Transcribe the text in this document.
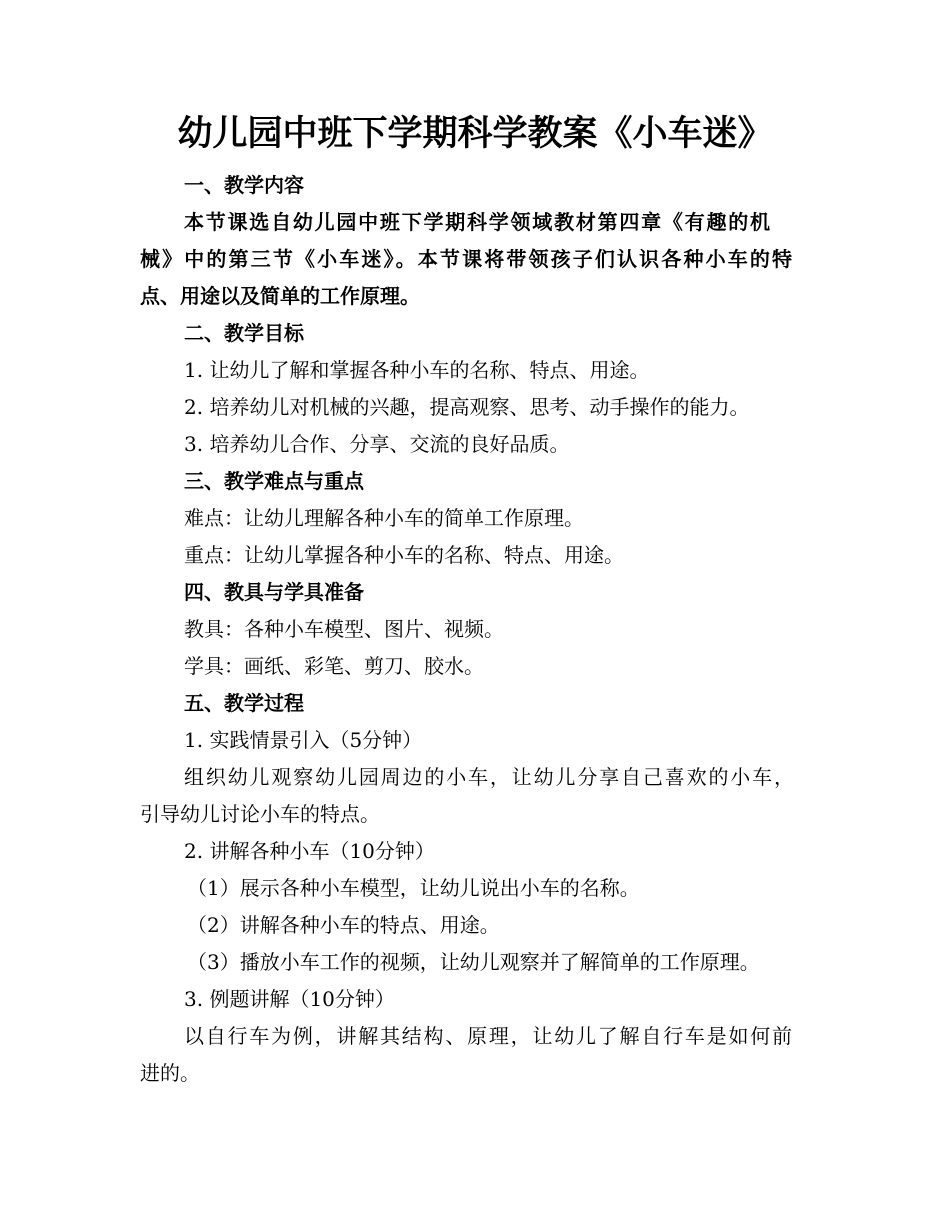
幼儿园中班下学期科学教案《小车迷》
一、教学内容
本节课选自幼儿园中班下学期科学领域教材第四章《有趣的机
械》中的第三节《小车迷》。本节课将带领孩子们认识各种小车的特
点、用途以及简单的工作原理。
二、教学目标
1. 让幼儿了解和掌握各种小车的名称、特点、用途。
2. 培养幼儿对机械的兴趣，提高观察、思考、动手操作的能力。
3. 培养幼儿合作、分享、交流的良好品质。
三、教学难点与重点
难点：让幼儿理解各种小车的简单工作原理。
重点：让幼儿掌握各种小车的名称、特点、用途。
四、教具与学具准备
教具：各种小车模型、图片、视频。
学具：画纸、彩笔、剪刀、胶水。
五、教学过程
1. 实践情景引入（5分钟）
组织幼儿观察幼儿园周边的小车，让幼儿分享自己喜欢的小车，
引导幼儿讨论小车的特点。
2. 讲解各种小车（10分钟）
（1）展示各种小车模型，让幼儿说出小车的名称。
（2）讲解各种小车的特点、用途。
（3）播放小车工作的视频，让幼儿观察并了解简单的工作原理。
3. 例题讲解（10分钟）
以自行车为例，讲解其结构、原理，让幼儿了解自行车是如何前
进的。
